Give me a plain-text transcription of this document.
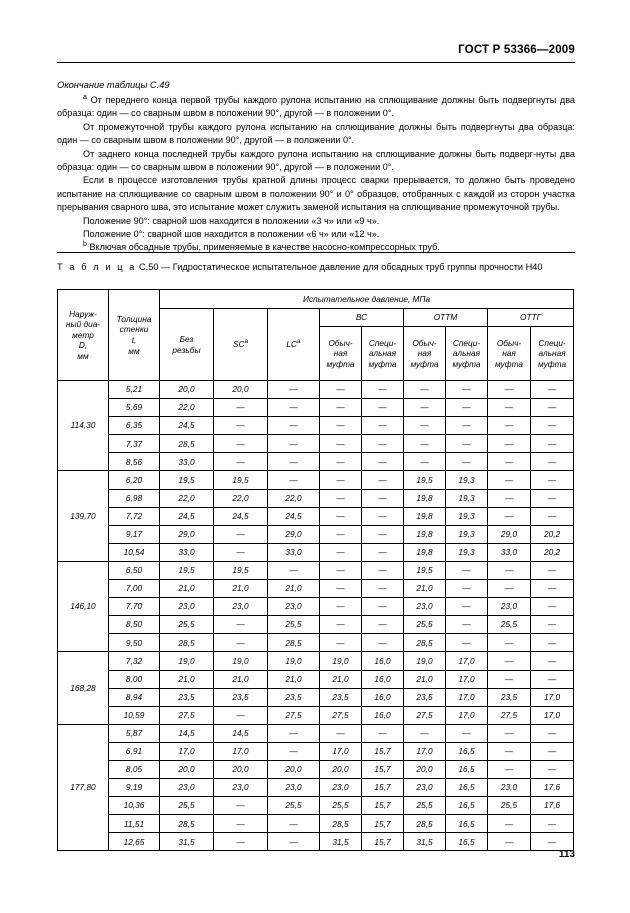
ГОСТ Р 53366—2009
Окончание таблицы С.49

$^a$ От переднего конца первой трубы каждого рулона испытанию на сплющивание должны быть подвергнуты два образца: один — со сварным швом в положении 90°, другой — в положении 0°.

От промежуточной трубы каждого рулона испытанию на сплющивание должны быть подвергнуты два образца: один — со сварным швом в положении 90°, другой — в положении 0°.

От заднего конца последней трубы каждого рулона испытанию на сплющивание должны быть подверг-нуты два образца: один — со сварным швом в положении 90°, другой — в положении 0°.

Если в процессе изготовления трубы кратной длины процесс сварки прерывается, то должно быть проведено испытание на сплющивание со сварным швом в положении 90° и 0° образцов, отобранных с каждой из сторон участка прерывания сварного шва, это испытание может служить заменой испытания на сплющивание промежуточной трубы.

Положение 90°: сварной шов находится в положении «3 ч» или «9 ч».

Положение 0°: сварной шов находится в положении «6 ч» или «12 ч».

$^b$ Включая обсадные трубы, применяемые в качестве насосно-компрессорных труб.

Т а б л и ц а С.50 — Гидростатическое испытательное давление для обсадных труб группы прочности Н40
Наруж-
ный диа-
метр
D,
мм	Толщина
стенки
t,
мм	Испытательное давление, МПа								
		Без
резьбы	$SC^a$	$LC^a$	ВС		ОТТМ		ОТТГ	
					Обыч-
ная
муфта	Специ-
альная
муфта	Обыч-
ная
муфта	Специ-
альная
муфта	Обыч-
ная
муфта	Специ-
альная
муфта
114,30	5,21	20,0	20,0	—	—	—	—	—	—	—
	5,69	22,0	—	—	—	—	—	—	—	—
	6,35	24,5	—	—	—	—	—	—	—	—
	7,37	28,5	—	—	—	—	—	—	—	—
	8,56	33,0	—	—	—	—	—	—	—	—
139,70	6,20	19,5	19,5	—	—	—	19,5	19,3	—	—
	6,98	22,0	22,0	22,0	—	—	19,8	19,3	—	—
	7,72	24,5	24,5	24,5	—	—	19,8	19,3	—	—
	9,17	29,0	—	29,0	—	—	19,8	19,3	29,0	20,2
	10,54	33,0	—	33,0	—	—	19,8	19,3	33,0	20,2
146,10	6,50	19,5	19,5	—	—	—	19,5	—	—	—
	7,00	21,0	21,0	21,0	—	—	21,0	—	—	—
	7,70	23,0	23,0	23,0	—	—	23,0	—	23,0	—
	8,50	25,5	—	25,5	—	—	25,5	—	25,5	—
	9,50	28,5	—	28,5	—	—	28,5	—	—	—
168,28	7,32	19,0	19,0	19,0	19,0	16,0	19,0	17,0	—	—
	8,00	21,0	21,0	21,0	21,0	16,0	21,0	17,0	—	—
	8,94	23,5	23,5	23,5	23,5	16,0	23,5	17,0	23,5	17,0
	10,59	27,5	—	27,5	27,5	16,0	27,5	17,0	27,5	17,0
177,80	5,87	14,5	14,5	—	—	—	—	—	—	—
	6,91	17,0	17,0	—	17,0	15,7	17,0	16,5	—	—
	8,05	20,0	20,0	20,0	20,0	15,7	20,0	16,5	—	—
	9,19	23,0	23,0	23,0	23,0	15,7	23,0	16,5	23,0	17,6
	10,36	25,5	—	25,5	25,5	15,7	25,5	16,5	25,5	17,6
	11,51	28,5	—	—	28,5	15,7	28,5	16,5	—	—
	12,65	31,5	—	—	31,5	15,7	31,5	16,5	—	—
113
